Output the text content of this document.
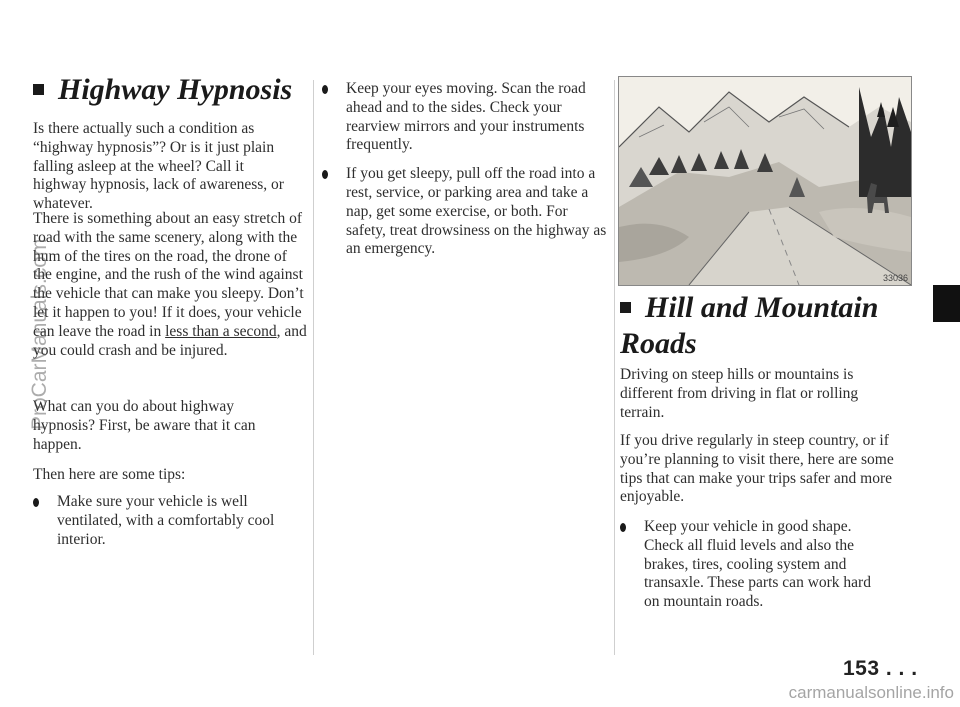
Highway Hypnosis

Is there actually such a condition as “highway hypnosis”? Or is it just plain falling asleep at the wheel? Call it highway hypnosis, lack of awareness, or whatever.

There is something about an easy stretch of road with the same scenery, along with the hum of the tires on the road, the drone of the engine, and the rush of the wind against the vehicle that can make you sleepy. Don’t let it happen to you! If it does, your vehicle can leave the road in less than a second, and you could crash and be injured.

What can you do about highway hypnosis? First, be aware that it can happen.

Then here are some tips:

Make sure your vehicle is well ventilated, with a comfortably cool interior.
Keep your eyes moving. Scan the road ahead and to the sides. Check your rearview mirrors and your instruments frequently.
If you get sleepy, pull off the road into a rest, service, or parking area and take a nap, get some exercise, or both. For safety, treat drowsiness on the highway as an emergency.
33036
Hill and Mountain Roads

Driving on steep hills or mountains is different from driving in flat or rolling terrain.

If you drive regularly in steep country, or if you’re planning to visit there, here are some tips that can make your trips safer and more enjoyable.

Keep your vehicle in good shape. Check all fluid levels and also the brakes, tires, cooling system and transaxle. These parts can work hard on mountain roads.
153 . . .
ProCarManuals.com
carmanualsonline.info
